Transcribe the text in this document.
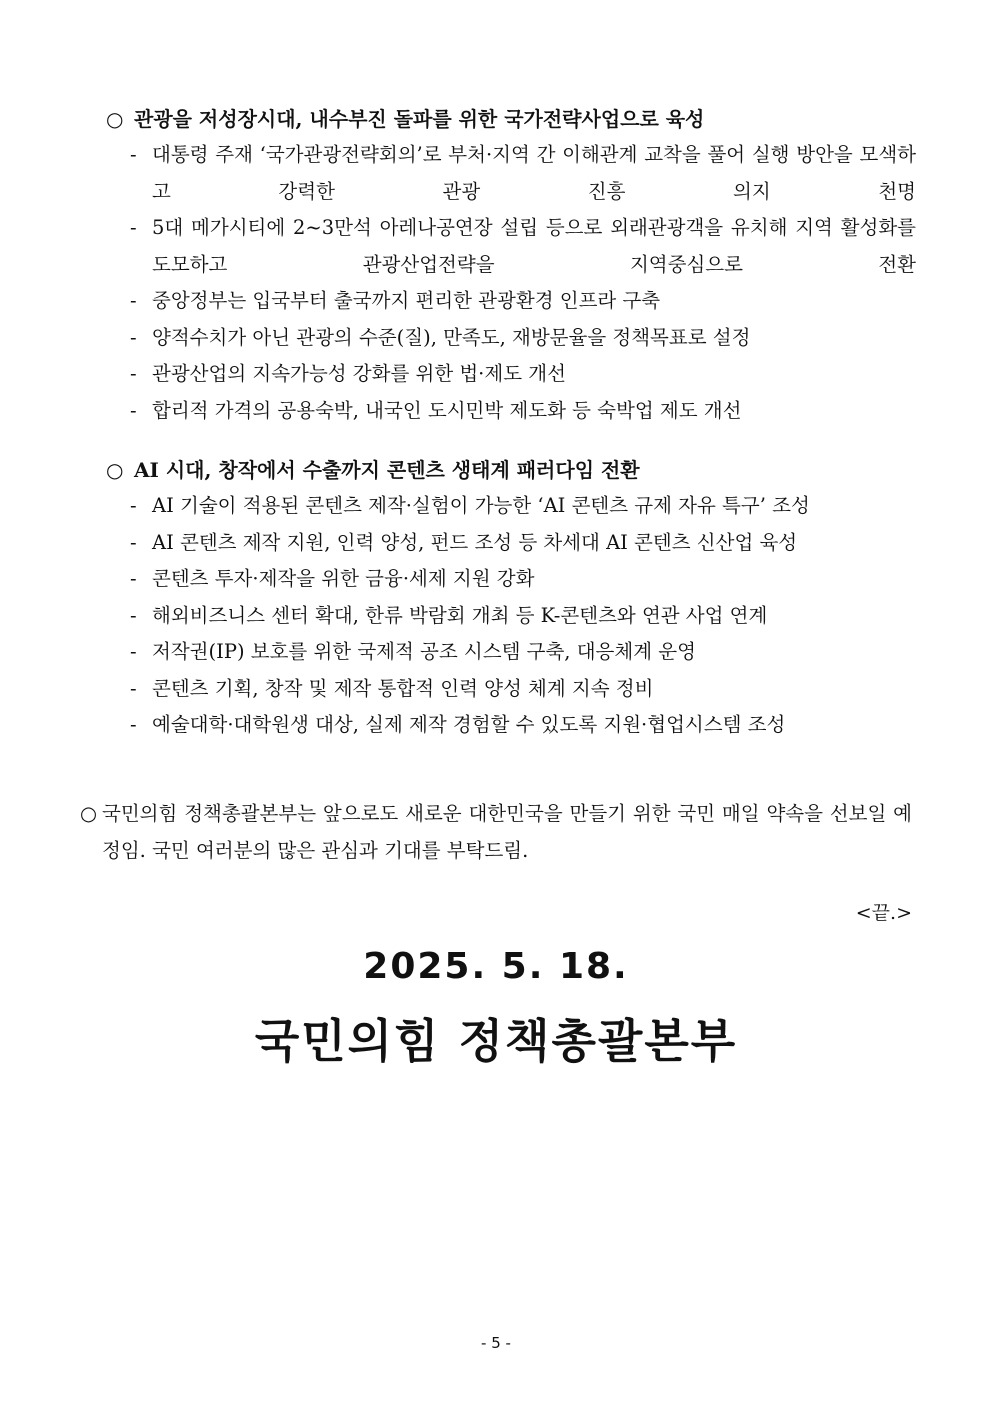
○ 관광을 저성장시대, 내수부진 돌파를 위한 국가전략사업으로 육성
- 대통령 주재 ‘국가관광전략회의’로 부처·지역 간 이해관계 교착을 풀어 실행 방안을 모색하고 강력한 관광 진흥 의지 천명
- 5대 메가시티에 2~3만석 아레나공연장 설립 등으로 외래관광객을 유치해 지역 활성화를 도모하고 관광산업전략을 지역중심으로 전환
- 중앙정부는 입국부터 출국까지 편리한 관광환경 인프라 구축
- 양적수치가 아닌 관광의 수준(질), 만족도, 재방문율을 정책목표로 설정
- 관광산업의 지속가능성 강화를 위한 법·제도 개선
- 합리적 가격의 공용숙박, 내국인 도시민박 제도화 등 숙박업 제도 개선
○ AI 시대, 창작에서 수출까지 콘텐츠 생태계 패러다임 전환
- AI 기술이 적용된 콘텐츠 제작·실험이 가능한 ‘AI 콘텐츠 규제 자유 특구’ 조성
- AI 콘텐츠 제작 지원, 인력 양성, 펀드 조성 등 차세대 AI 콘텐츠 신산업 육성
- 콘텐츠 투자·제작을 위한 금융·세제 지원 강화
- 해외비즈니스 센터 확대, 한류 박람회 개최 등 K-콘텐츠와 연관 사업 연계
- 저작권(IP) 보호를 위한 국제적 공조 시스템 구축, 대응체계 운영
- 콘텐츠 기획, 창작 및 제작 통합적 인력 양성 체계 지속 정비
- 예술대학·대학원생 대상, 실제 제작 경험할 수 있도록 지원·협업시스템 조성
○ 국민의힘 정책총괄본부는 앞으로도 새로운 대한민국을 만들기 위한 국민 매일 약속을 선보일 예정임. 국민 여러분의 많은 관심과 기대를 부탁드림.
<끝.>
2025. 5. 18.
국민의힘 정책총괄본부
- 5 -
